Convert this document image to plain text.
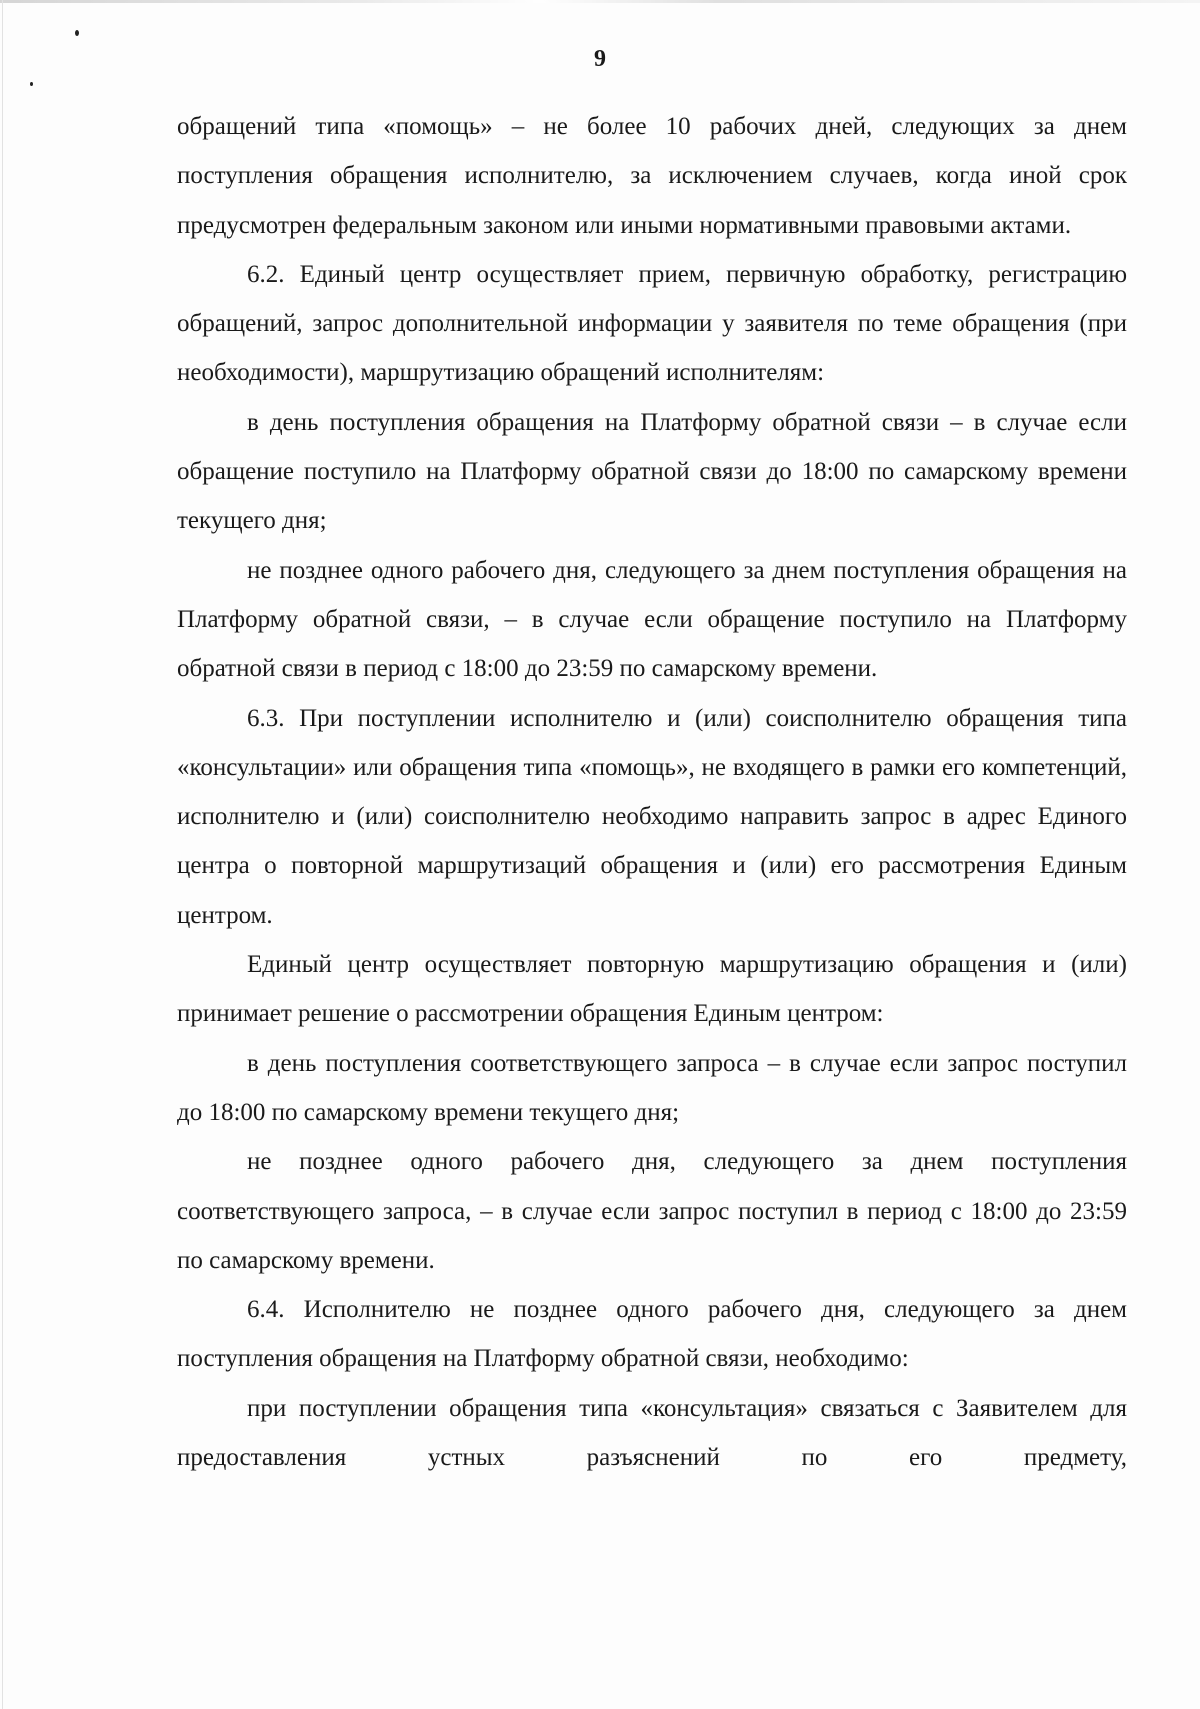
9

обращений типа «помощь» – не более 10 рабочих дней, следующих за днем поступления обращения исполнителю, за исключением случаев, когда иной срок предусмотрен федеральным законом или иными нормативными правовыми актами.

6.2. Единый центр осуществляет прием, первичную обработку, регистрацию обращений, запрос дополнительной информации у заявителя по теме обращения (при необходимости), маршрутизацию обращений исполнителям:

в день поступления обращения на Платформу обратной связи – в случае если обращение поступило на Платформу обратной связи до 18:00 по самарскому времени текущего дня;

не позднее одного рабочего дня, следующего за днем поступления обращения на Платформу обратной связи, – в случае если обращение поступило на Платформу обратной связи в период с 18:00 до 23:59 по самарскому времени.

6.3. При поступлении исполнителю и (или) соисполнителю обращения типа «консультации» или обращения типа «помощь», не входящего в рамки его компетенций, исполнителю и (или) соисполнителю необходимо направить запрос в адрес Единого центра о повторной маршрутизаций обращения и (или) его рассмотрения Единым центром.

Единый центр осуществляет повторную маршрутизацию обращения и (или) принимает решение о рассмотрении обращения Единым центром:

в день поступления соответствующего запроса – в случае если запрос поступил до 18:00 по самарскому времени текущего дня;

не позднее одного рабочего дня, следующего за днем поступления соответствующего запроса, – в случае если запрос поступил в период с 18:00 до 23:59 по самарскому времени.

6.4. Исполнителю не позднее одного рабочего дня, следующего за днем поступления обращения на Платформу обратной связи, необходимо:

при поступлении обращения типа «консультация» связаться с Заявителем для предоставления устных разъяснений по его предмету,
